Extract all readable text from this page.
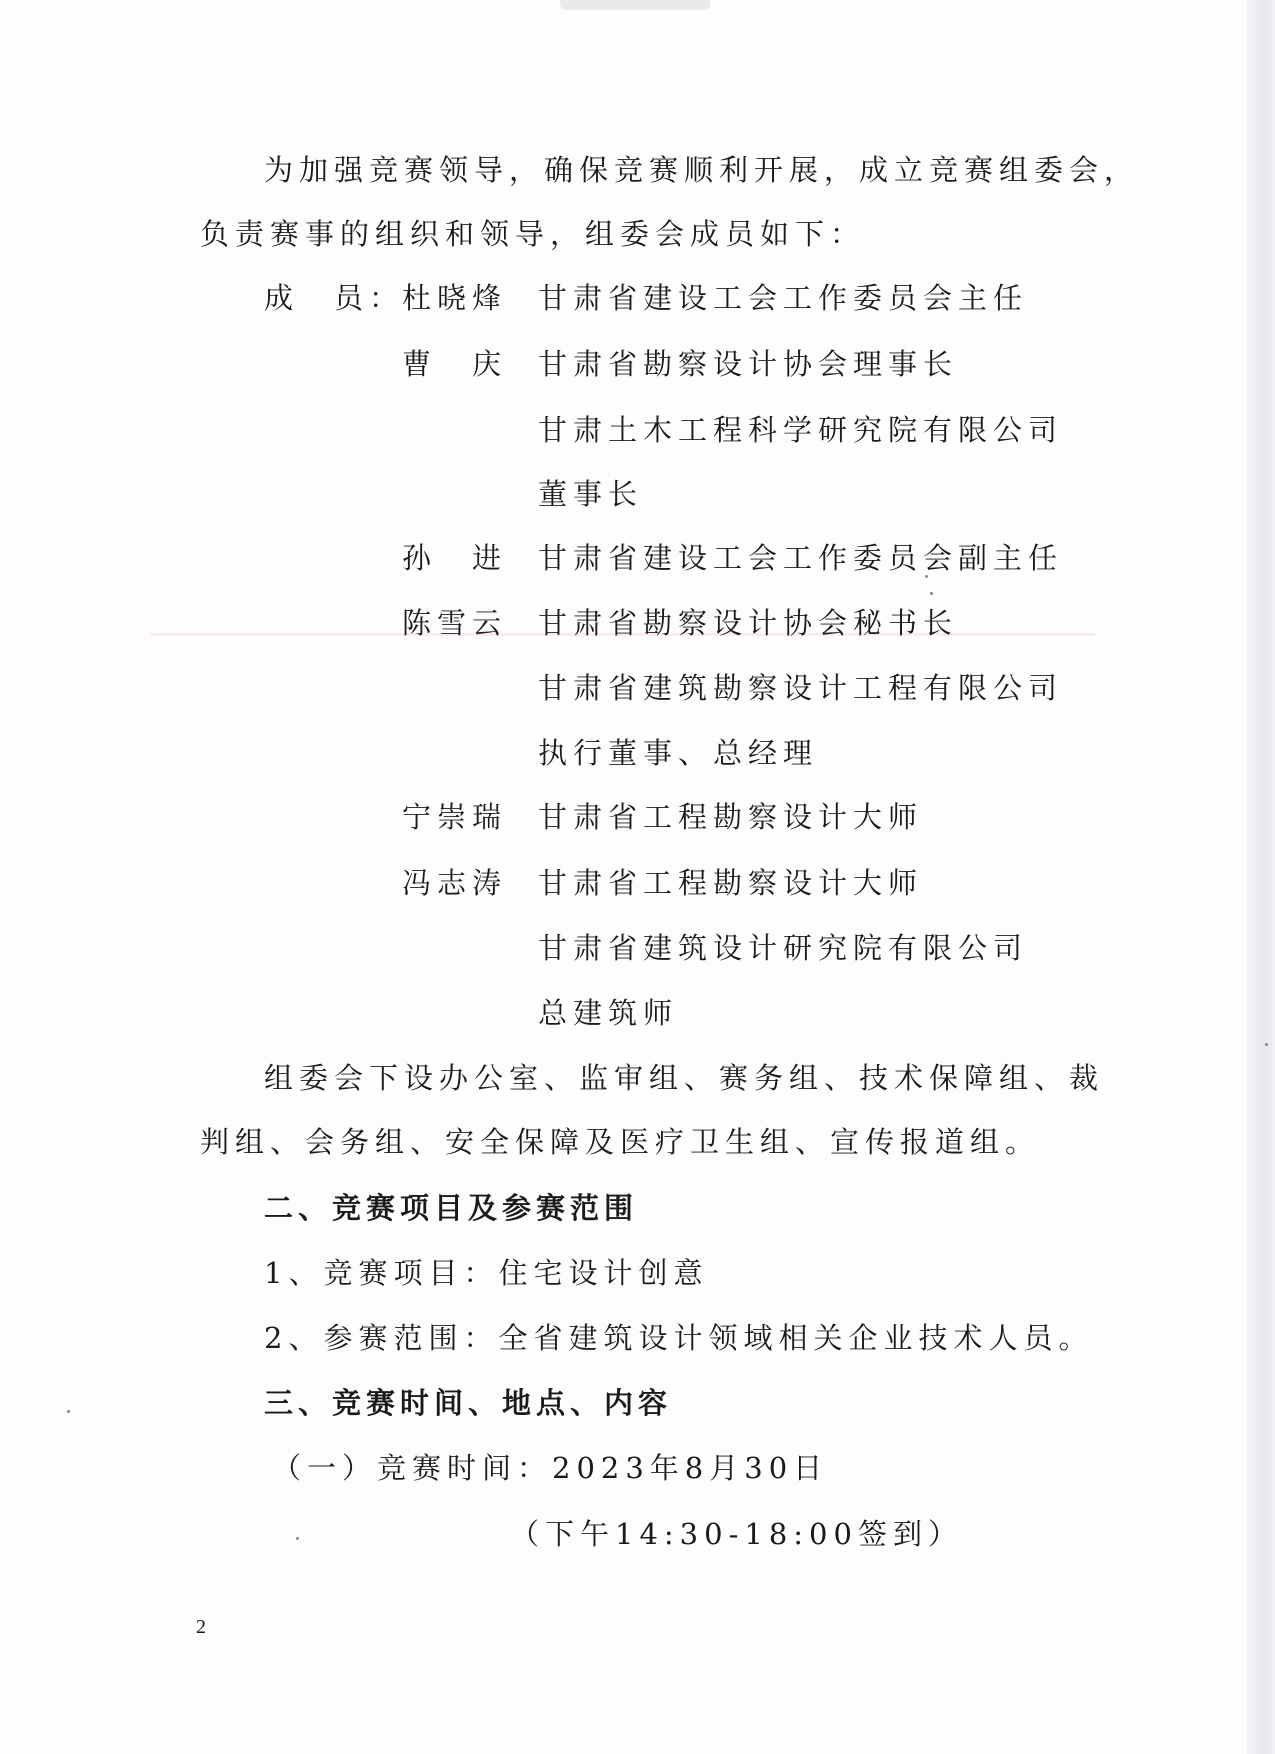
为加强竞赛领导，确保竞赛顺利开展，成立竞赛组委会，
负责赛事的组织和领导，组委会成员如下：
成　员：
杜晓烽 甘肃省建设工会工作委员会主任
曹　庆 甘肃省勘察设计协会理事长
甘肃土木工程科学研究院有限公司
董事长
孙　进 甘肃省建设工会工作委员会副主任
陈雪云 甘肃省勘察设计协会秘书长
甘肃省建筑勘察设计工程有限公司
执行董事、总经理
宁崇瑞 甘肃省工程勘察设计大师
冯志涛 甘肃省工程勘察设计大师
甘肃省建筑设计研究院有限公司
总建筑师
组委会下设办公室、监审组、赛务组、技术保障组、裁
判组、会务组、安全保障及医疗卫生组、宣传报道组。
二、竞赛项目及参赛范围
1、竞赛项目：住宅设计创意
2、参赛范围：全省建筑设计领域相关企业技术人员。
三、竞赛时间、地点、内容
（一）竞赛时间：2023年8月30日
（下午14:30-18:00签到）
2
